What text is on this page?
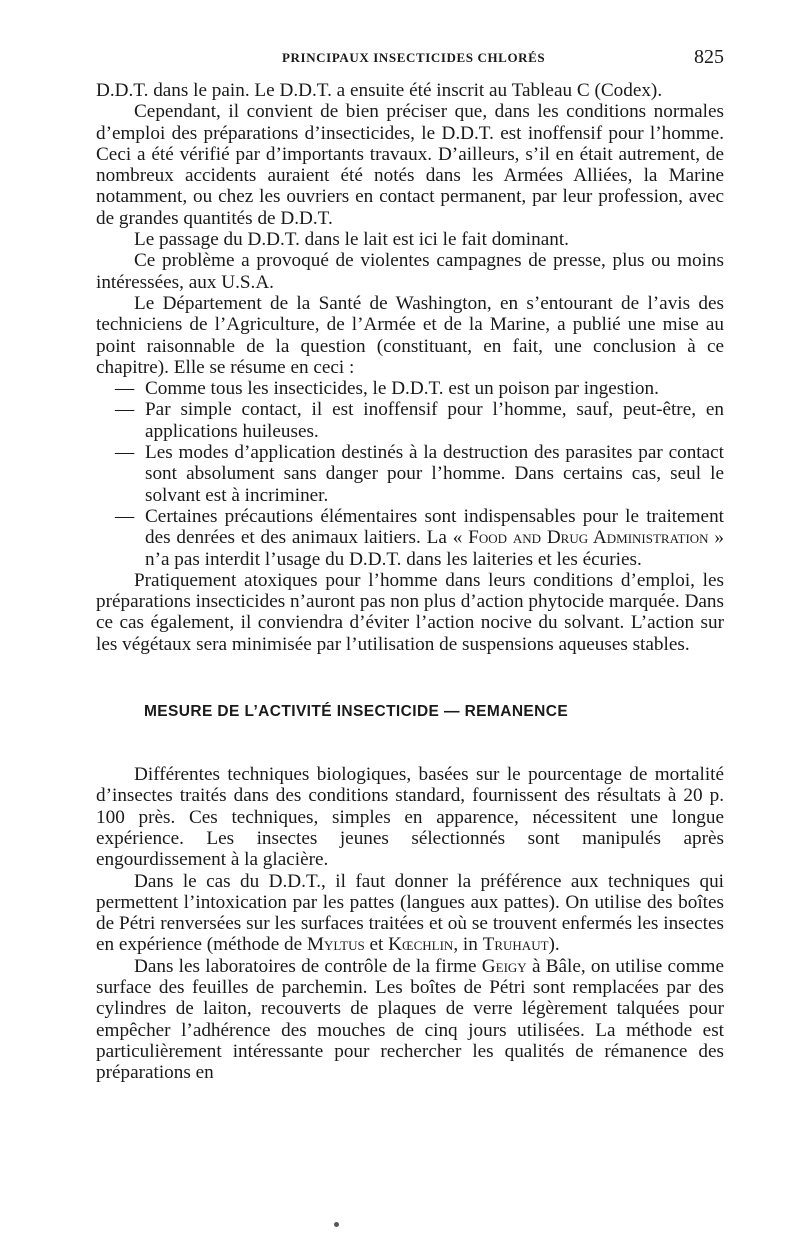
PRINCIPAUX INSECTICIDES CHLORÉS	825

D.D.T. dans le pain. Le D.D.T. a ensuite été inscrit au Tableau C (Codex).

Cependant, il convient de bien préciser que, dans les conditions normales d’emploi des préparations d’insecticides, le D.D.T. est inoffensif pour l’homme. Ceci a été vérifié par d’importants travaux. D’ailleurs, s’il en était autrement, de nombreux accidents auraient été notés dans les Armées Alliées, la Marine notamment, ou chez les ouvriers en contact permanent, par leur profession, avec de grandes quantités de D.D.T.

Le passage du D.D.T. dans le lait est ici le fait dominant.

Ce problème a provoqué de violentes campagnes de presse, plus ou moins intéressées, aux U.S.A.

Le Département de la Santé de Washington, en s’entourant de l’avis des techniciens de l’Agriculture, de l’Armée et de la Marine, a publié une mise au point raisonnable de la question (constituant, en fait, une conclusion à ce chapitre). Elle se résume en ceci :

— Comme tous les insecticides, le D.D.T. est un poison par ingestion.
— Par simple contact, il est inoffensif pour l’homme, sauf, peut-être, en applications huileuses.
— Les modes d’application destinés à la destruction des parasites par contact sont absolument sans danger pour l’homme. Dans certains cas, seul le solvant est à incriminer.
— Certaines précautions élémentaires sont indispensables pour le traitement des denrées et des animaux laitiers. La « Food and Drug Administration » n’a pas interdit l’usage du D.D.T. dans les laiteries et les écuries.

Pratiquement atoxiques pour l’homme dans leurs conditions d’emploi, les préparations insecticides n’auront pas non plus d’action phytocide marquée. Dans ce cas également, il conviendra d’éviter l’action nocive du solvant. L’action sur les végétaux sera minimisée par l’utilisation de suspensions aqueuses stables.

MESURE DE L’ACTIVITÉ INSECTICIDE — REMANENCE

Différentes techniques biologiques, basées sur le pourcentage de mortalité d’insectes traités dans des conditions standard, fournissent des résultats à 20 p. 100 près. Ces techniques, simples en apparence, nécessitent une longue expérience. Les insectes jeunes sélectionnés sont manipulés après engourdissement à la glacière.

Dans le cas du D.D.T., il faut donner la préférence aux techniques qui permettent l’intoxication par les pattes (langues aux pattes). On utilise des boîtes de Pétri renversées sur les surfaces traitées et où se trouvent enfermés les insectes en expérience (méthode de Myltus et Kœchlin, in Truhaut).

Dans les laboratoires de contrôle de la firme Geigy à Bâle, on utilise comme surface des feuilles de parchemin. Les boîtes de Pétri sont remplacées par des cylindres de laiton, recouverts de plaques de verre légèrement talquées pour empêcher l’adhérence des mouches de cinq jours utilisées. La méthode est particulièrement intéressante pour rechercher les qualités de rémanence des préparations en
